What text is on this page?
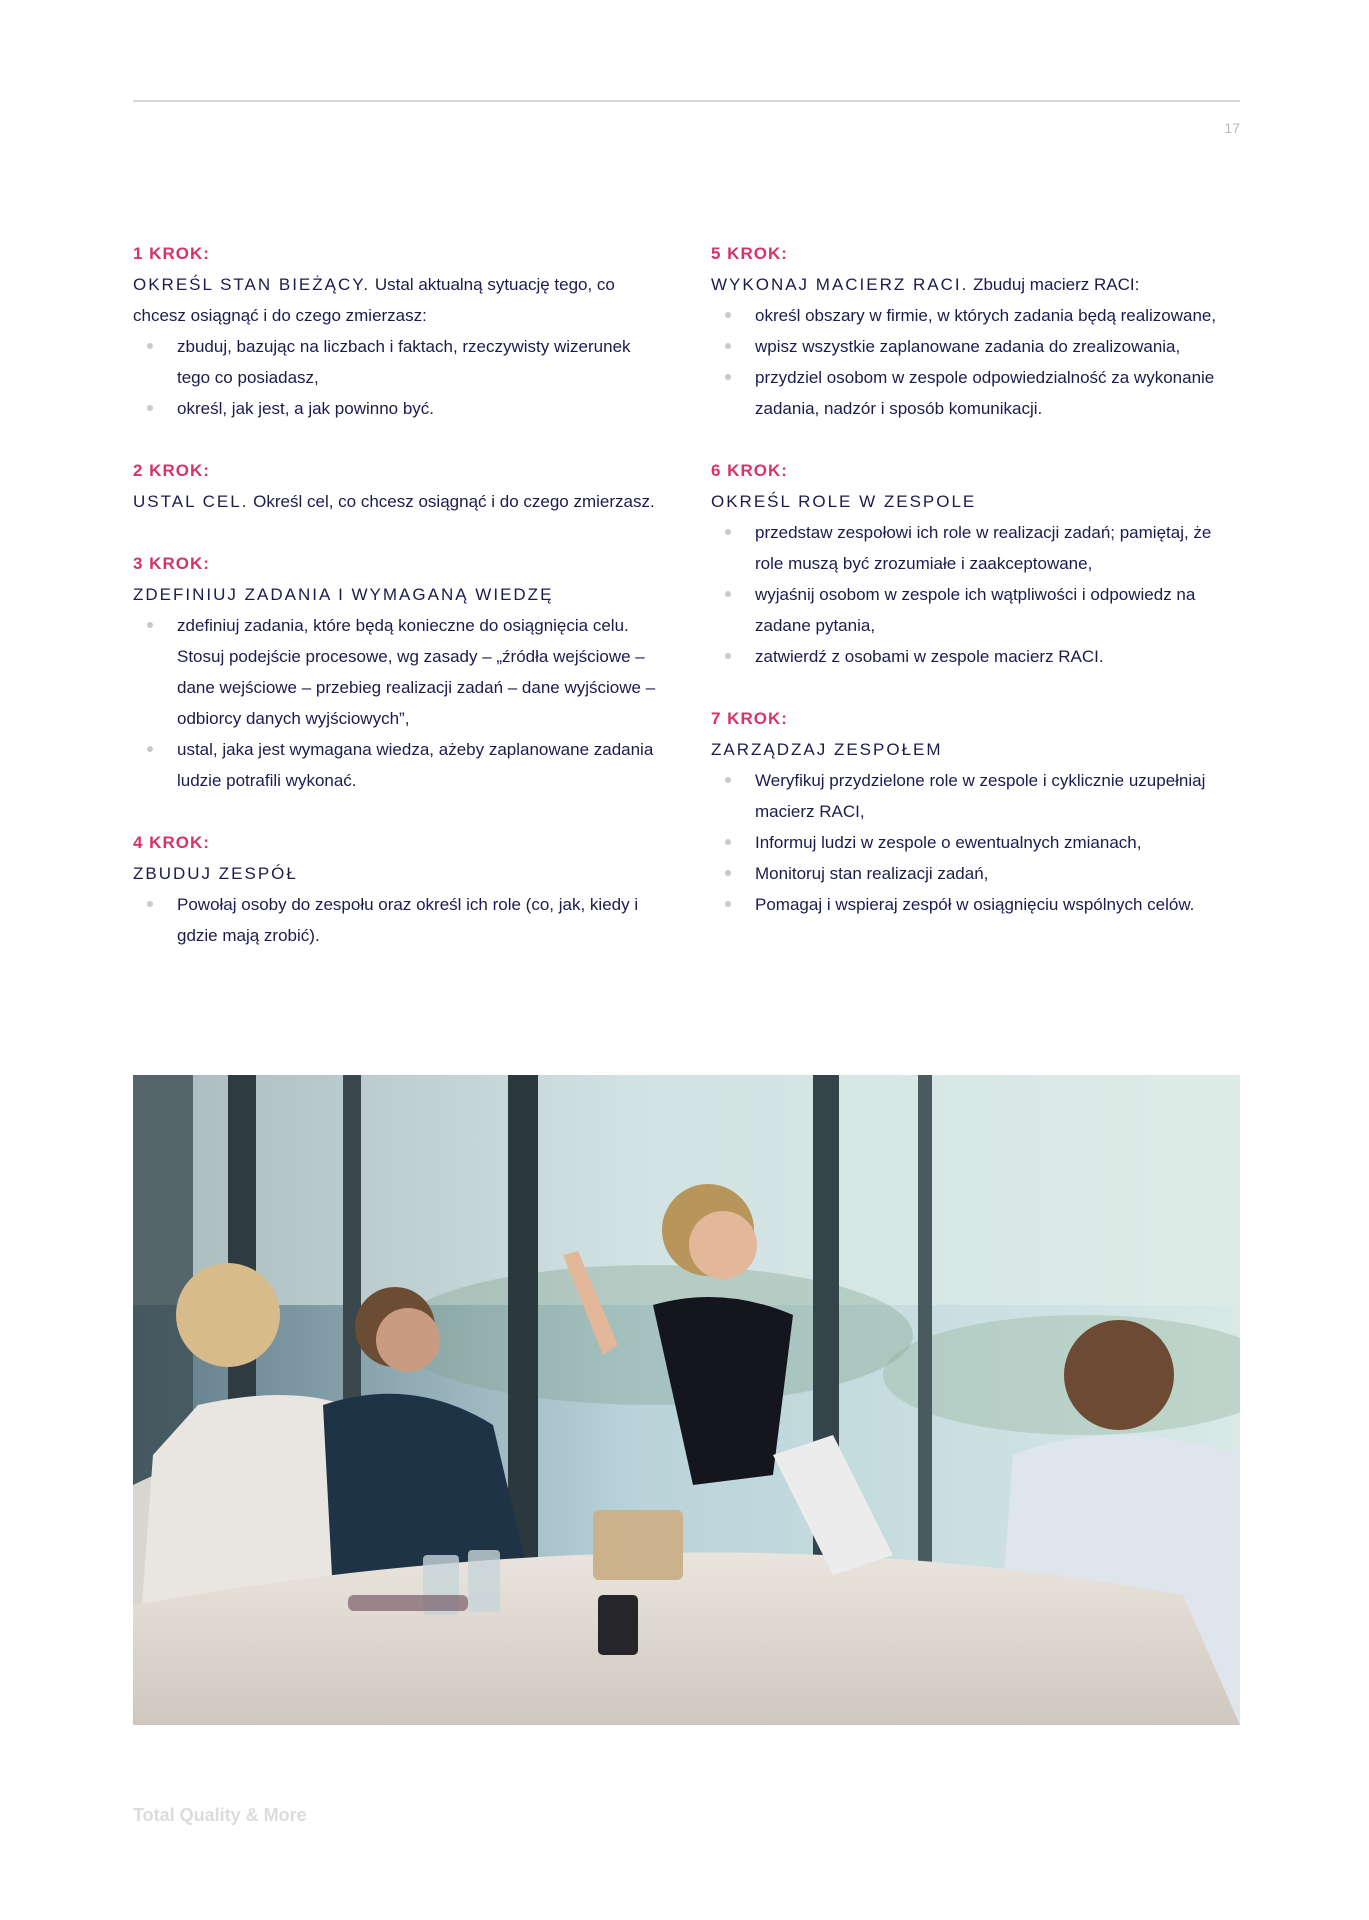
17
1 KROK:
OKREŚL STAN BIEŻĄCY. Ustal aktualną sytuację tego, co chcesz osiągnąć i do czego zmierzasz:
zbuduj, bazując na liczbach i faktach, rzeczywisty wizerunek tego co posiadasz,
określ, jak jest, a jak powinno być.
2 KROK:
USTAL CEL. Określ cel, co chcesz osiągnąć i do czego zmierzasz.
3 KROK:
ZDEFINIUJ ZADANIA I WYMAGANĄ WIEDZĘ
zdefiniuj zadania, które będą konieczne do osiągnięcia celu. Stosuj podejście procesowe, wg zasady – „źródła wejściowe – dane wejściowe – przebieg realizacji zadań – dane wyjściowe – odbiorcy danych wyjściowych”,
ustal, jaka jest wymagana wiedza, ażeby zaplanowane zadania ludzie potrafili wykonać.
4 KROK:
ZBUDUJ ZESPÓŁ
Powołaj osoby do zespołu oraz określ ich role (co, jak, kiedy i gdzie mają zrobić).
5 KROK:
WYKONAJ MACIERZ RACI. Zbuduj macierz RACI:
określ obszary w firmie, w których zadania będą realizowane,
wpisz wszystkie zaplanowane zadania do zrealizowania,
przydziel osobom w zespole odpowiedzialność za wykonanie zadania, nadzór i sposób komunikacji.
6 KROK:
OKREŚL ROLE W ZESPOLE
przedstaw zespołowi ich role w realizacji zadań; pamiętaj, że role muszą być zrozumiałe i zaakceptowane,
wyjaśnij osobom w zespole ich wątpliwości i odpowiedz na zadane pytania,
zatwierdź z osobami w zespole macierz RACI.
7 KROK:
ZARZĄDZAJ ZESPOŁEM
Weryfikuj przydzielone role w zespole i cyklicznie uzupełniaj macierz RACI,
Informuj ludzi w zespole o ewentualnych zmianach,
Monitoruj stan realizacji zadań,
Pomagaj i wspieraj zespół w osiągnięciu wspólnych celów.
Total Quality & More
